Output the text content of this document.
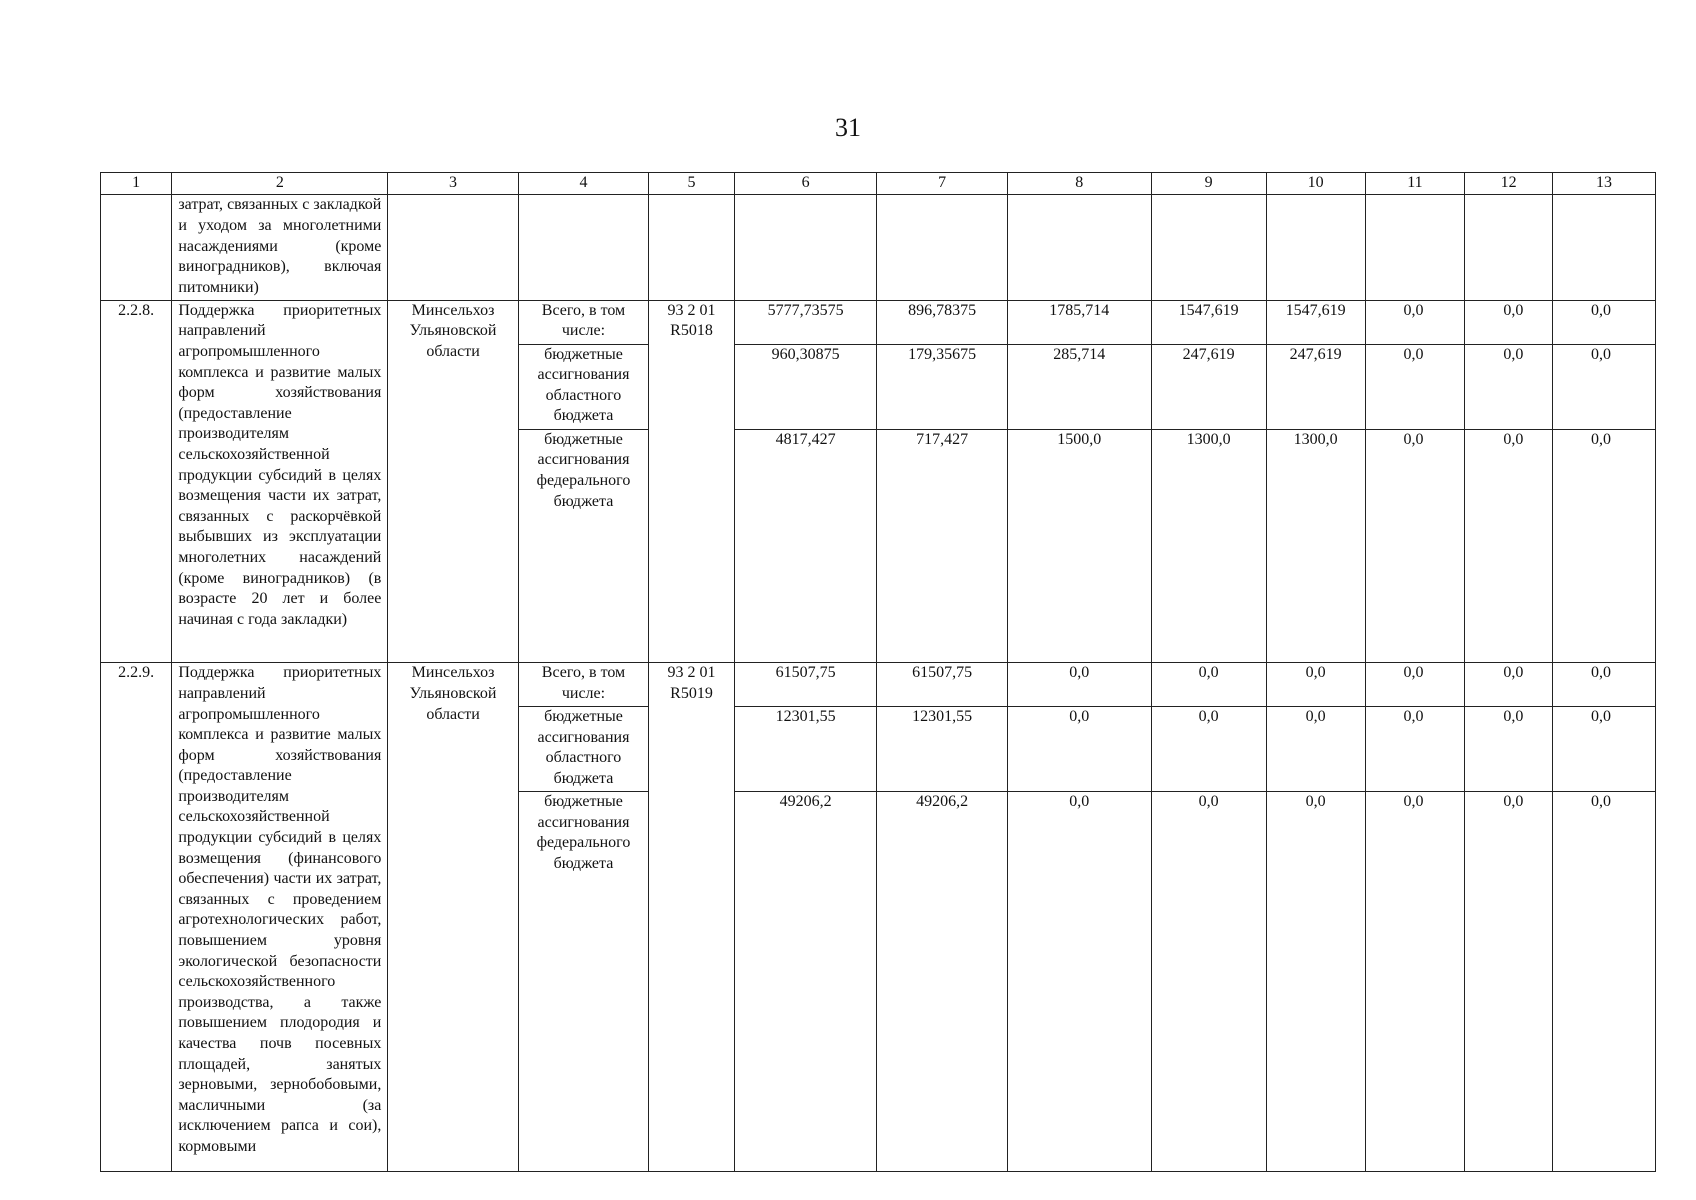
31
1	2	3	4	5	6	7	8	9	10	11	12	13
	затрат, связанных с закладкой и уходом за многолетними насаждениями (кроме виноградников), включая питомники)											
2.2.8.	Поддержка приоритетных направлений агропромышленного комплекса и развитие малых форм хозяйствования (предоставление производителям сельскохозяйственной продукции субсидий в целях возмещения части их затрат, связанных с раскорчёвкой выбывших из эксплуатации многолетних насаждений (кроме виноградников) (в возрасте 20 лет и более начиная с года закладки)	Минсельхоз Ульяновской области	Всего, в том числе:	93 2 01 R5018	5777,73575	896,78375	1785,714	1547,619	1547,619	0,0	0,0	0,0
			бюджетные ассигнования областного бюджета		960,30875	179,35675	285,714	247,619	247,619	0,0	0,0	0,0
			бюджетные ассигнования федерального бюджета		4817,427	717,427	1500,0	1300,0	1300,0	0,0	0,0	0,0
2.2.9.	Поддержка приоритетных направлений агропромышленного комплекса и развитие малых форм хозяйствования (предоставление производителям сельскохозяйственной продукции субсидий в целях возмещения (финансового обеспечения) части их затрат, связанных с проведением агротехнологических работ, повышением уровня экологической безопасности сельскохозяйственного производства, а также повышением плодородия и качества почв посевных площадей, занятых зерновыми, зернобобовыми, масличными (за исключением рапса и сои), кормовыми	Минсельхоз Ульяновской области	Всего, в том числе:	93 2 01 R5019	61507,75	61507,75	0,0	0,0	0,0	0,0	0,0	0,0
			бюджетные ассигнования областного бюджета		12301,55	12301,55	0,0	0,0	0,0	0,0	0,0	0,0
			бюджетные ассигнования федерального бюджета		49206,2	49206,2	0,0	0,0	0,0	0,0	0,0	0,0
